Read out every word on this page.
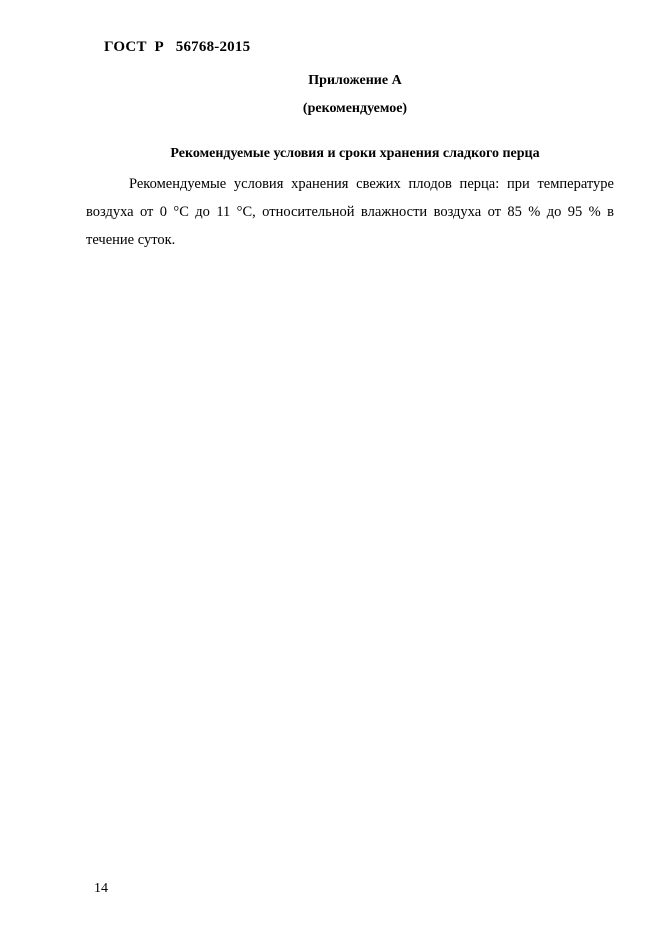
ГОСТ  Р   56768-2015
Приложение А
(рекомендуемое)
Рекомендуемые условия и сроки хранения сладкого перца

Рекомендуемые условия хранения свежих плодов перца: при температуре воздуха от 0 °С до 11 °С, относительной влажности воздуха от 85 % до 95 % в течение суток.

14
